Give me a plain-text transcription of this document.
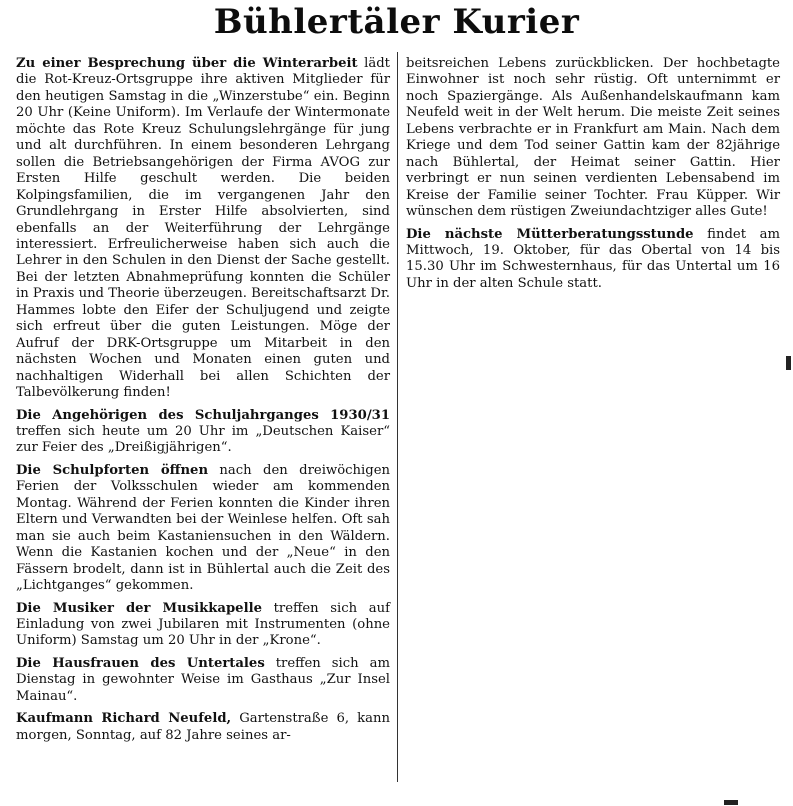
Bühlertäler Kurier

Zu einer Besprechung über die Winterarbeit lädt die Rot-Kreuz-Ortsgruppe ihre aktiven Mitglieder für den heutigen Samstag in die „Winzerstube“ ein. Beginn 20 Uhr (Keine Uniform). Im Verlaufe der Wintermonate möchte das Rote Kreuz Schulungslehrgänge für jung und alt durchführen. In einem besonderen Lehrgang sollen die Betriebsangehörigen der Firma AVOG zur Ersten Hilfe geschult werden. Die beiden Kolpingsfamilien, die im vergangenen Jahr den Grundlehrgang in Erster Hilfe absolvierten, sind ebenfalls an der Weiterführung der Lehrgänge interessiert. Erfreulicherweise haben sich auch die Lehrer in den Schulen in den Dienst der Sache gestellt. Bei der letzten Abnahmeprüfung konnten die Schüler in Praxis und Theorie überzeugen. Bereitschaftsarzt Dr. Hammes lobte den Eifer der Schuljugend und zeigte sich erfreut über die guten Leistungen. Möge der Aufruf der DRK-Ortsgruppe um Mitarbeit in den nächsten Wochen und Monaten einen guten und nachhaltigen Widerhall bei allen Schichten der Talbevölkerung finden!

Die Angehörigen des Schuljahrganges 1930/31 treffen sich heute um 20 Uhr im „Deutschen Kaiser“ zur Feier des „Dreißigjährigen“.

Die Schulpforten öffnen nach den dreiwöchigen Ferien der Volksschulen wieder am kommenden Montag. Während der Ferien konnten die Kinder ihren Eltern und Verwandten bei der Weinlese helfen. Oft sah man sie auch beim Kastaniensuchen in den Wäldern. Wenn die Kastanien kochen und der „Neue“ in den Fässern brodelt, dann ist in Bühlertal auch die Zeit des „Lichtganges“ gekommen.

Die Musiker der Musikkapelle treffen sich auf Einladung von zwei Jubilaren mit Instrumenten (ohne Uniform) Samstag um 20 Uhr in der „Krone“.

Die Hausfrauen des Untertales treffen sich am Dienstag in gewohnter Weise im Gasthaus „Zur Insel Mainau“.

Kaufmann Richard Neufeld, Gartenstraße 6, kann morgen, Sonntag, auf 82 Jahre seines ar-

beitsreichen Lebens zurückblicken. Der hochbetagte Einwohner ist noch sehr rüstig. Oft unternimmt er noch Spaziergänge. Als Außenhandelskaufmann kam Neufeld weit in der Welt herum. Die meiste Zeit seines Lebens verbrachte er in Frankfurt am Main. Nach dem Kriege und dem Tod seiner Gattin kam der 82jährige nach Bühlertal, der Heimat seiner Gattin. Hier verbringt er nun seinen verdienten Lebensabend im Kreise der Familie seiner Tochter. Frau Küpper. Wir wünschen dem rüstigen Zweiundachtziger alles Gute!

Die nächste Mütterberatungsstunde findet am Mittwoch, 19. Oktober, für das Obertal von 14 bis 15.30 Uhr im Schwesternhaus, für das Untertal um 16 Uhr in der alten Schule statt.
